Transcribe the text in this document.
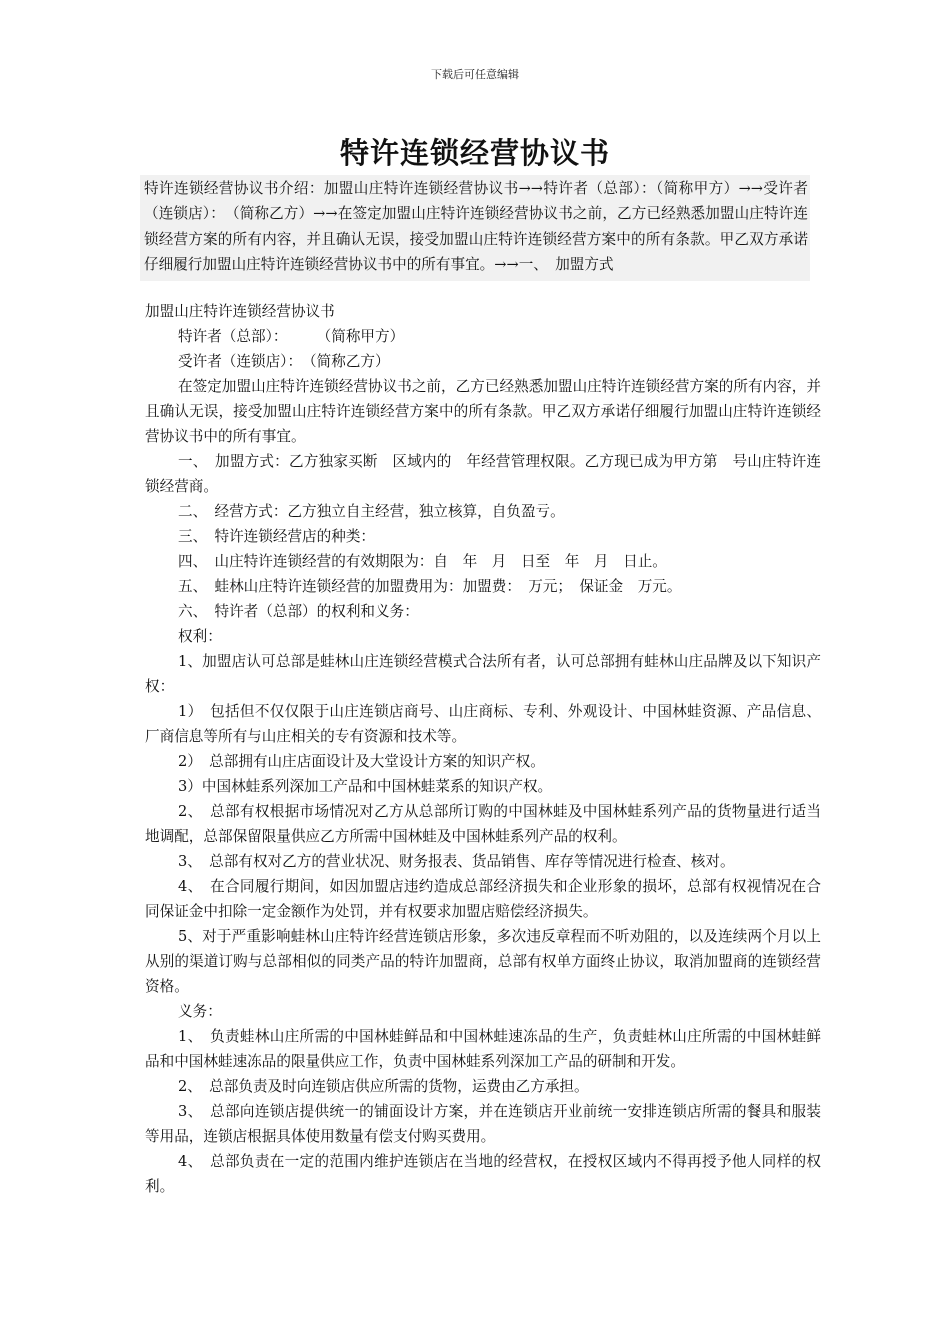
下载后可任意编辑
特许连锁经营协议书
特许连锁经营协议书介绍：加盟山庄特许连锁经营协议书→→特许者（总部）：（简称甲方）→→受许者（连锁店）：　（简称乙方）→→在签定加盟山庄特许连锁经营协议书之前，乙方已经熟悉加盟山庄特许连锁经营方案的所有内容，并且确认无误，接受加盟山庄特许连锁经营方案中的所有条款。甲乙双方承诺仔细履行加盟山庄特许连锁经营协议书中的所有事宜。→→一、　加盟方式

加盟山庄特许连锁经营协议书

特许者（总部）：　　　（简称甲方）

受许者（连锁店）：　（简称乙方）

在签定加盟山庄特许连锁经营协议书之前，乙方已经熟悉加盟山庄特许连锁经营方案的所有内容，并且确认无误，接受加盟山庄特许连锁经营方案中的所有条款。甲乙双方承诺仔细履行加盟山庄特许连锁经营协议书中的所有事宜。

一、　加盟方式：乙方独家买断　区域内的　年经营管理权限。乙方现已成为甲方第　号山庄特许连锁经营商。

二、　经营方式：乙方独立自主经营，独立核算，自负盈亏。

三、　特许连锁经营店的种类：

四、　山庄特许连锁经营的有效期限为：自　年　月　日至　年　月　日止。

五、　蛙林山庄特许连锁经营的加盟费用为：加盟费：　万元；　保证金　万元。

六、　特许者（总部）的权利和义务：

权利：

1、加盟店认可总部是蛙林山庄连锁经营模式合法所有者，认可总部拥有蛙林山庄品牌及以下知识产权：

1）　包括但不仅仅限于山庄连锁店商号、山庄商标、专利、外观设计、中国林蛙资源、产品信息、厂商信息等所有与山庄相关的专有资源和技术等。

2）　总部拥有山庄店面设计及大堂设计方案的知识产权。

3）中国林蛙系列深加工产品和中国林蛙菜系的知识产权。

2、　总部有权根据市场情况对乙方从总部所订购的中国林蛙及中国林蛙系列产品的货物量进行适当地调配，总部保留限量供应乙方所需中国林蛙及中国林蛙系列产品的权利。

3、　总部有权对乙方的营业状况、财务报表、货品销售、库存等情况进行检查、核对。

4、　在合同履行期间，如因加盟店违约造成总部经济损失和企业形象的损坏，总部有权视情况在合同保证金中扣除一定金额作为处罚，并有权要求加盟店赔偿经济损失。

5、对于严重影响蛙林山庄特许经营连锁店形象，多次违反章程而不听劝阻的，以及连续两个月以上从别的渠道订购与总部相似的同类产品的特许加盟商，总部有权单方面终止协议，取消加盟商的连锁经营资格。

义务：

1、　负责蛙林山庄所需的中国林蛙鲜品和中国林蛙速冻品的生产，负责蛙林山庄所需的中国林蛙鲜品和中国林蛙速冻品的限量供应工作，负责中国林蛙系列深加工产品的研制和开发。

2、　总部负责及时向连锁店供应所需的货物，运费由乙方承担。

3、　总部向连锁店提供统一的铺面设计方案，并在连锁店开业前统一安排连锁店所需的餐具和服装等用品，连锁店根据具体使用数量有偿支付购买费用。

4、　总部负责在一定的范围内维护连锁店在当地的经营权，在授权区域内不得再授予他人同样的权利。
